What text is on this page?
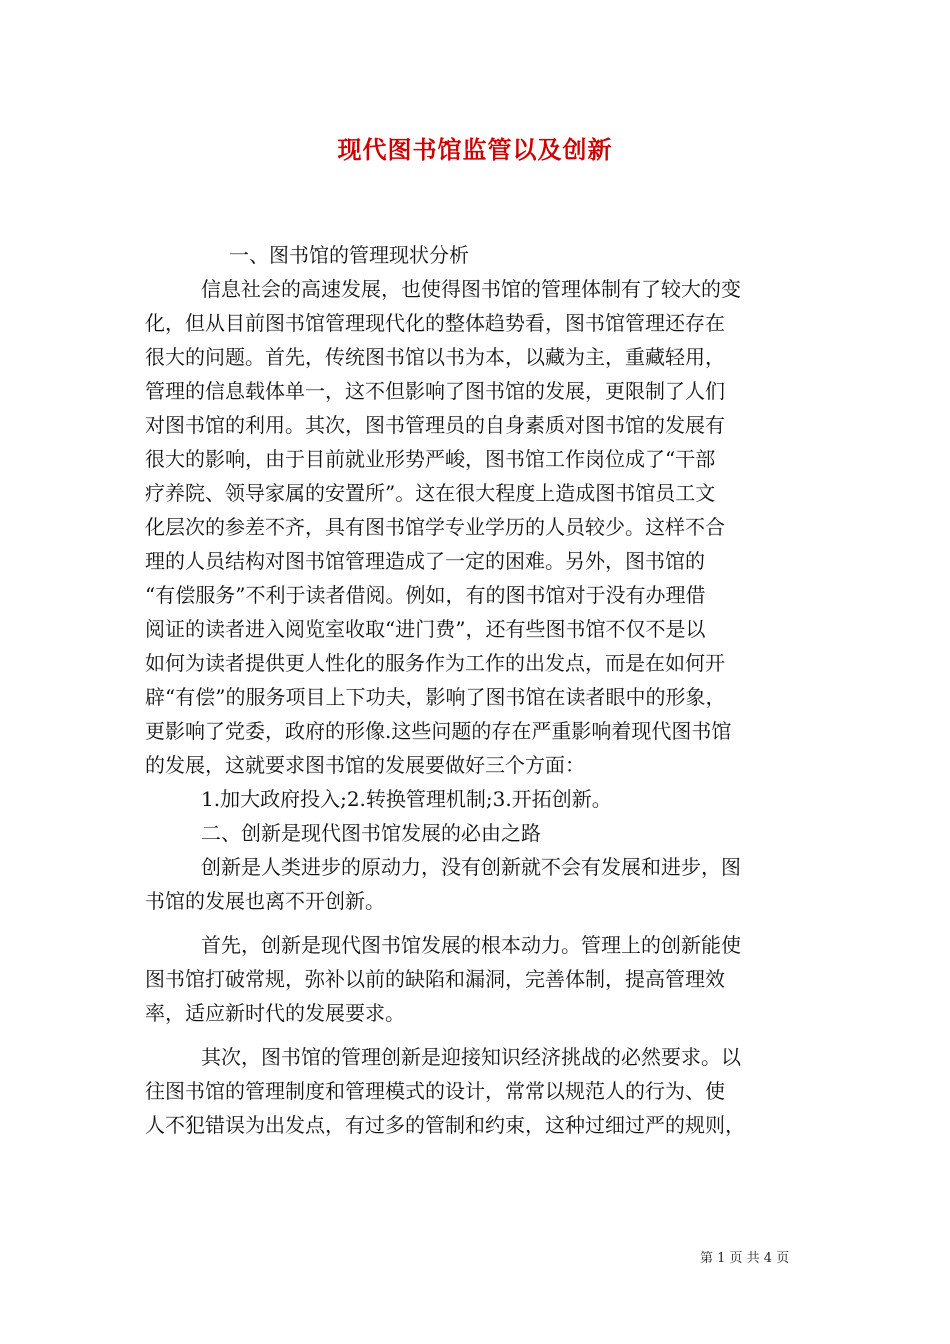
现代图书馆监管以及创新
一、图书馆的管理现状分析
信息社会的高速发展，也使得图书馆的管理体制有了较大的变
化，但从目前图书馆管理现代化的整体趋势看，图书馆管理还存在
很大的问题。首先，传统图书馆以书为本，以藏为主，重藏轻用，
管理的信息载体单一，这不但影响了图书馆的发展，更限制了人们
对图书馆的利用。其次，图书管理员的自身素质对图书馆的发展有
很大的影响，由于目前就业形势严峻，图书馆工作岗位成了“干部
疗养院、领导家属的安置所”。这在很大程度上造成图书馆员工文
化层次的参差不齐，具有图书馆学专业学历的人员较少。这样不合
理的人员结构对图书馆管理造成了一定的困难。另外，图书馆的
“有偿服务”不利于读者借阅。例如，有的图书馆对于没有办理借
阅证的读者进入阅览室收取“进门费”，还有些图书馆不仅不是以
如何为读者提供更人性化的服务作为工作的出发点，而是在如何开
辟“有偿”的服务项目上下功夫，影响了图书馆在读者眼中的形象，
更影响了党委，政府的形像.这些问题的存在严重影响着现代图书馆
的发展，这就要求图书馆的发展要做好三个方面：
1.加大政府投入;2.转换管理机制;3.开拓创新。
二、创新是现代图书馆发展的必由之路
创新是人类进步的原动力，没有创新就不会有发展和进步，图
书馆的发展也离不开创新。
首先，创新是现代图书馆发展的根本动力。管理上的创新能使
图书馆打破常规，弥补以前的缺陷和漏洞，完善体制，提高管理效
率，适应新时代的发展要求。
其次，图书馆的管理创新是迎接知识经济挑战的必然要求。以
往图书馆的管理制度和管理模式的设计，常常以规范人的行为、使
人不犯错误为出发点，有过多的管制和约束，这种过细过严的规则，
第 1 页 共 4 页
